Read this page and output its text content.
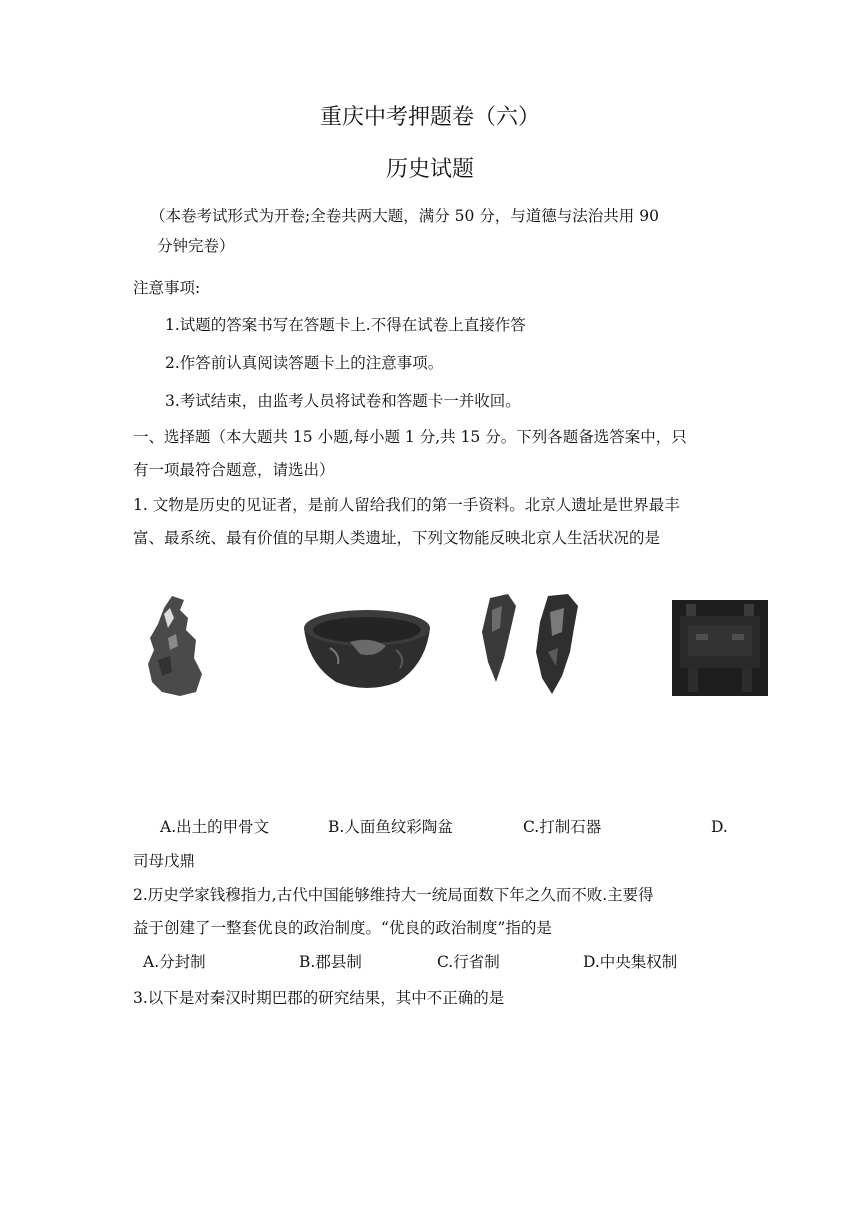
重庆中考押题卷（六）
历史试题
（本卷考试形式为开卷;全卷共两大题，满分 50 分，与道德与法治共用 90
分钟完卷）
注意事项:
1.试题的答案书写在答题卡上.不得在试卷上直接作答
2.作答前认真阅读答题卡上的注意事项。
3.考试结束，由监考人员将试卷和答题卡一并收回。
一、选择题（本大题共 15 小题,每小题 1 分,共 15 分。下列各题备选答案中，只
有一项最符合题意，请选出）
1. 文物是历史的见证者，是前人留给我们的第一手资料。北京人遗址是世界最丰
富、最系统、最有价值的早期人类遗址，下列文物能反映北京人生活状况的是
A.出土的甲骨文	B.人面鱼纹彩陶盆	C.打制石器	D.
司母戊鼎
2.历史学家钱穆指力,古代中国能够维持大一统局面数下年之久而不败.主要得
益于创建了一整套优良的政治制度。“优良的政治制度”指的是
A.分封制	B.郡县制	C.行省制	D.中央集权制
3.以下是对秦汉时期巴郡的研究结果，其中不正确的是
